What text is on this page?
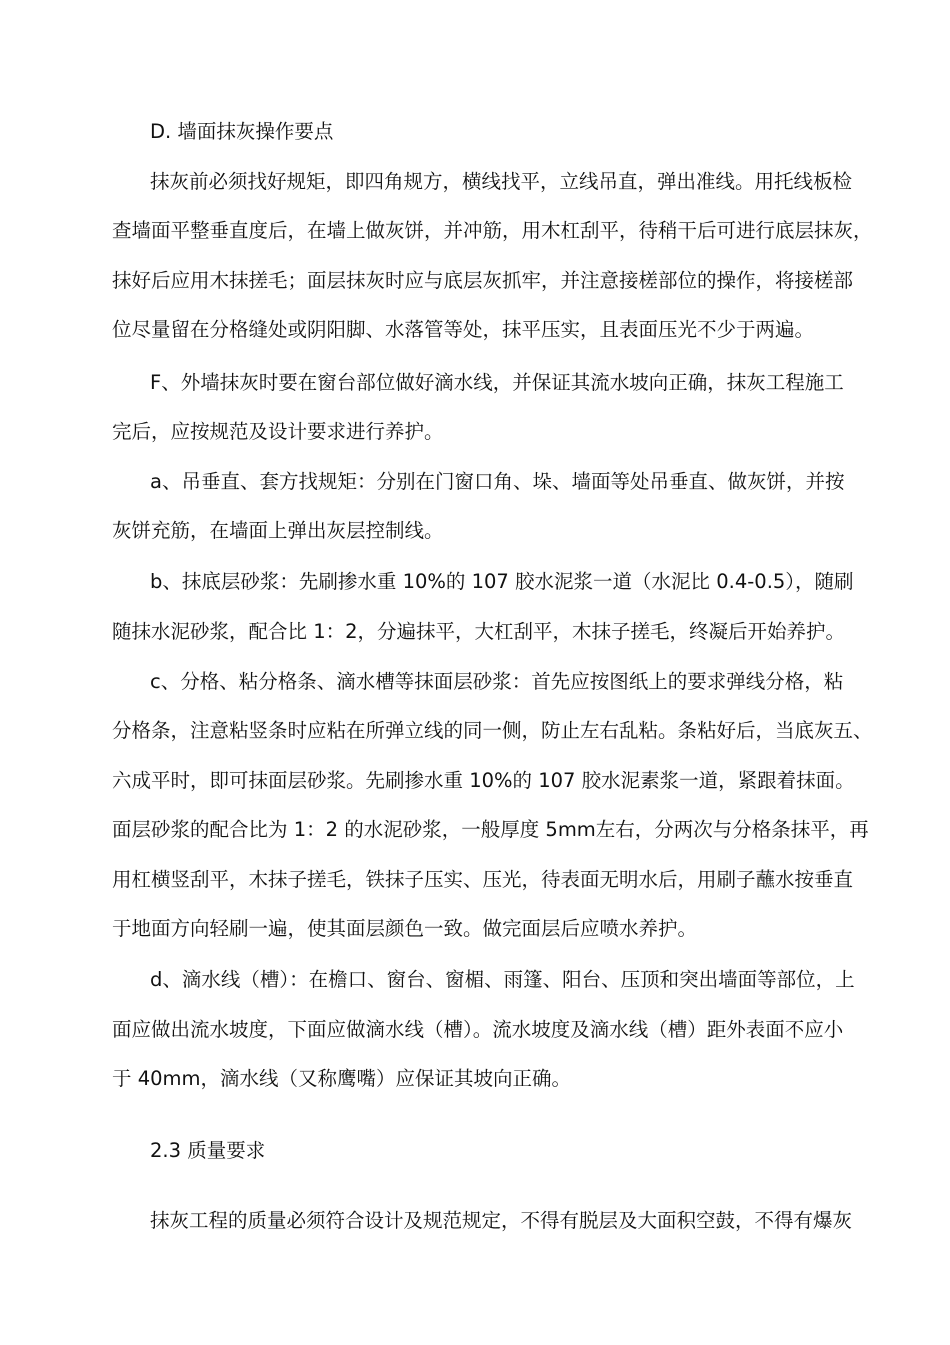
D. 墙面抹灰操作要点
抹灰前必须找好规矩，即四角规方，横线找平，立线吊直，弹出准线。用托线板检
查墙面平整垂直度后，在墙上做灰饼，并冲筋，用木杠刮平，待稍干后可进行底层抹灰，
抹好后应用木抹搓毛；面层抹灰时应与底层灰抓牢，并注意接槎部位的操作，将接槎部
位尽量留在分格缝处或阴阳脚、水落管等处，抹平压实，且表面压光不少于两遍。
F、外墙抹灰时要在窗台部位做好滴水线，并保证其流水坡向正确，抹灰工程施工
完后，应按规范及设计要求进行养护。
a、吊垂直、套方找规矩：分别在门窗口角、垛、墙面等处吊垂直、做灰饼，并按
灰饼充筋，在墙面上弹出灰层控制线。
b、抹底层砂浆：先刷掺水重 10%的 107 胶水泥浆一道（水泥比 0.4-0.5），随刷
随抹水泥砂浆，配合比 1：2，分遍抹平，大杠刮平，木抹子搓毛，终凝后开始养护。
c、分格、粘分格条、滴水槽等抹面层砂浆：首先应按图纸上的要求弹线分格，粘
分格条，注意粘竖条时应粘在所弹立线的同一侧，防止左右乱粘。条粘好后，当底灰五、
六成平时，即可抹面层砂浆。先刷掺水重 10%的 107 胶水泥素浆一道，紧跟着抹面。
面层砂浆的配合比为 1：2 的水泥砂浆，一般厚度 5mm左右，分两次与分格条抹平，再
用杠横竖刮平，木抹子搓毛，铁抹子压实、压光，待表面无明水后，用刷子蘸水按垂直
于地面方向轻刷一遍，使其面层颜色一致。做完面层后应喷水养护。
d、滴水线（槽）：在檐口、窗台、窗楣、雨篷、阳台、压顶和突出墙面等部位，上
面应做出流水坡度，下面应做滴水线（槽）。流水坡度及滴水线（槽）距外表面不应小
于 40mm，滴水线（又称鹰嘴）应保证其坡向正确。
2.3 质量要求
抹灰工程的质量必须符合设计及规范规定，不得有脱层及大面积空鼓，不得有爆灰
